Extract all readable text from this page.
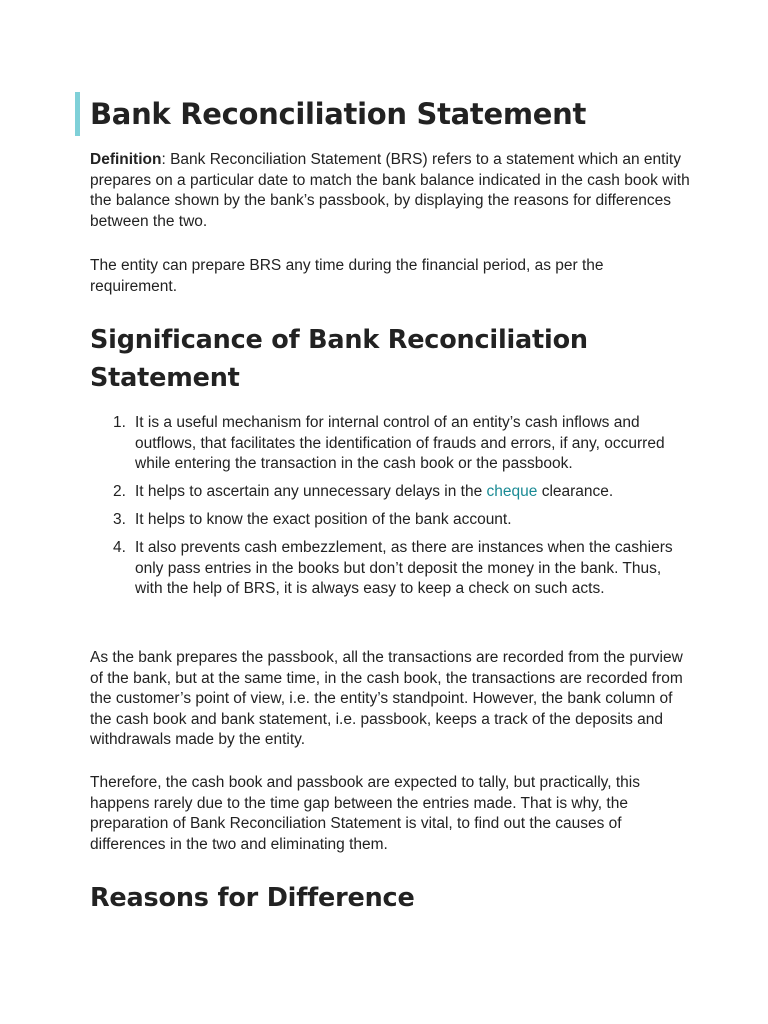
Bank Reconciliation Statement

Definition: Bank Reconciliation Statement (BRS) refers to a statement which an entity prepares on a particular date to match the bank balance indicated in the cash book with the balance shown by the bank’s passbook, by displaying the reasons for differences between the two.

The entity can prepare BRS any time during the financial period, as per the requirement.

Significance of Bank Reconciliation Statement
1. It is a useful mechanism for internal control of an entity’s cash inflows and outflows, that facilitates the identification of frauds and errors, if any, occurred while entering the transaction in the cash book or the passbook.
2. It helps to ascertain any unnecessary delays in the cheque clearance.
3. It helps to know the exact position of the bank account.
4. It also prevents cash embezzlement, as there are instances when the cashiers only pass entries in the books but don’t deposit the money in the bank. Thus, with the help of BRS, it is always easy to keep a check on such acts.

As the bank prepares the passbook, all the transactions are recorded from the purview of the bank, but at the same time, in the cash book, the transactions are recorded from the customer’s point of view, i.e. the entity’s standpoint. However, the bank column of the cash book and bank statement, i.e. passbook, keeps a track of the deposits and withdrawals made by the entity.

Therefore, the cash book and passbook are expected to tally, but practically, this happens rarely due to the time gap between the entries made. That is why, the preparation of Bank Reconciliation Statement is vital, to find out the causes of differences in the two and eliminating them.

Reasons for Difference
